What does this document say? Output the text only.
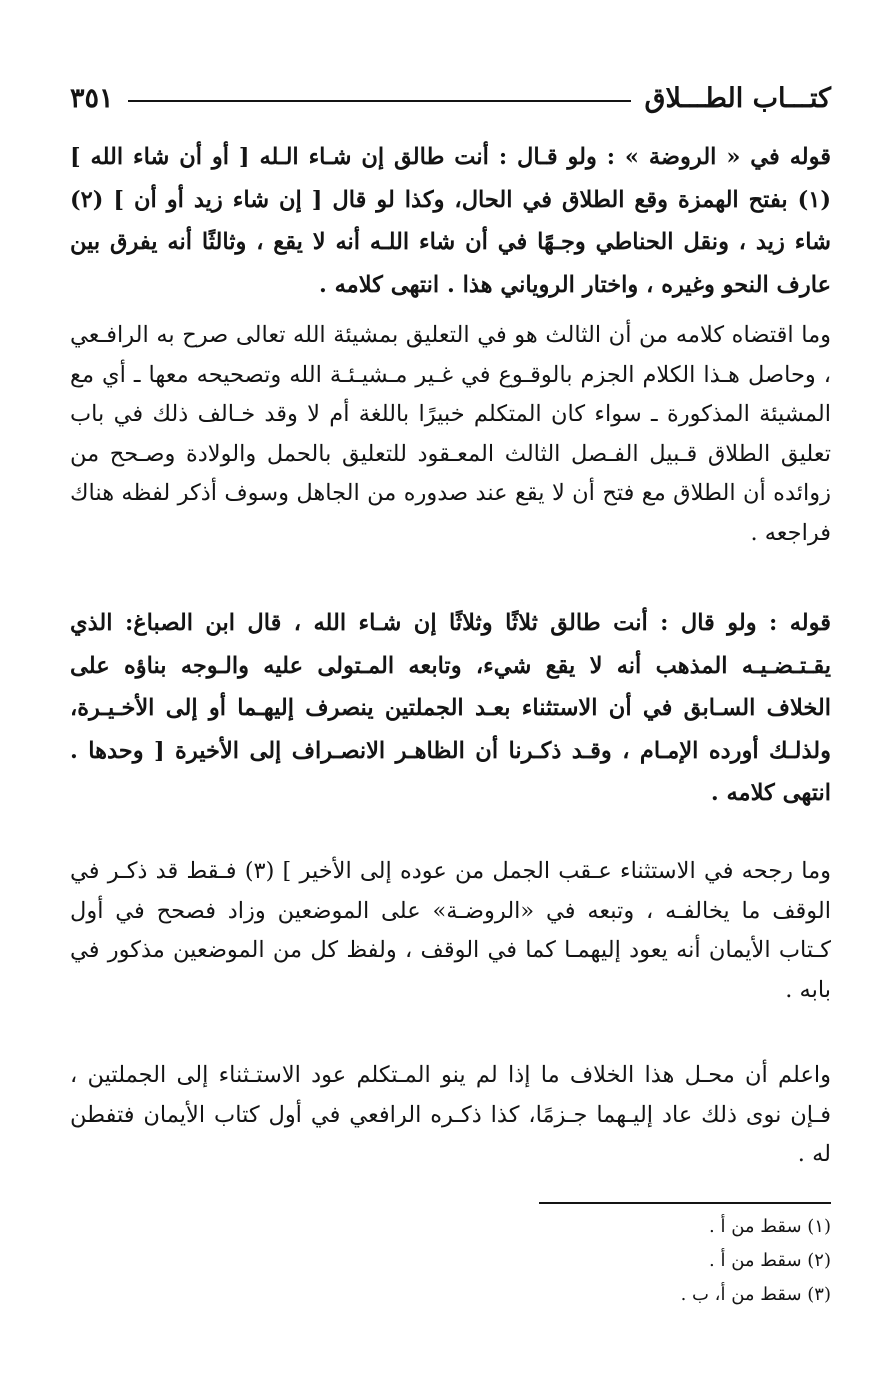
كتـــاب الطـــلاق
٣٥١

قوله في « الروضة » : ولو قـال : أنت طالق إن شـاء الـله [ أو أن شاء الله ] (١) بفتح الهمزة وقع الطلاق في الحال، وكذا لو قال [ إن شاء زيد أو أن ] (٢) شاء زيد ، ونقل الحناطي وجـهًا في أن شاء اللـه أنه لا يقع ، وثالثًا أنه يفرق بين عارف النحو وغيره ، واختار الروياني هذا . انتهى كلامه .

وما اقتضاه كلامه من أن الثالث هو في التعليق بمشيئة الله تعالى صرح به الرافـعي ، وحاصل هـذا الكلام الجزم بالوقـوع في غـير مـشيـئـة الله وتصحيحه معها ـ أي مع المشيئة المذكورة ـ سواء كان المتكلم خبيرًا باللغة أم لا وقد خـالف ذلك في باب تعليق الطلاق قـبيل الفـصل الثالث المعـقود للتعليق بالحمل والولادة وصـحح من زوائده أن الطلاق مع فتح أن لا يقع عند صدوره من الجاهل وسوف أذكر لفظه هناك فراجعه .

قوله : ولو قال : أنت طالق ثلاثًا وثلاثًا إن شـاء الله ، قال ابن الصباغ: الذي يقـتـضـيـه المذهب أنه لا يقع شيء، وتابعه المـتولى عليه والـوجه بناؤه على الخلاف السـابق في أن الاستثناء بعـد الجملتين ينصرف إليهـما أو إلى الأخـيـرة، ولذلـك أورده الإمـام ، وقـد ذكـرنا أن الظاهـر الانصـراف إلى الأخيرة [ وحدها . انتهى كلامه .

وما رجحه في الاستثناء عـقب الجمل من عوده إلى الأخير ] (٣) فـقط قد ذكـر في الوقف ما يخالفـه ، وتبعه في «الروضـة» على الموضعين وزاد فصحح في أول كـتاب الأيمان أنه يعود إليهمـا كما في الوقف ، ولفظ كل من الموضعين مذكور في بابه .

واعلم أن محـل هذا الخلاف ما إذا لم ينو المـتكلم عود الاستـثناء إلى الجملتين ، فـإن نوى ذلك عاد إليـهما جـزمًا، كذا ذكـره الرافعي في أول كتاب الأيمان فتفطن له .

(١) سقط من أ .
(٢) سقط من أ .
(٣) سقط من أ، ب .
